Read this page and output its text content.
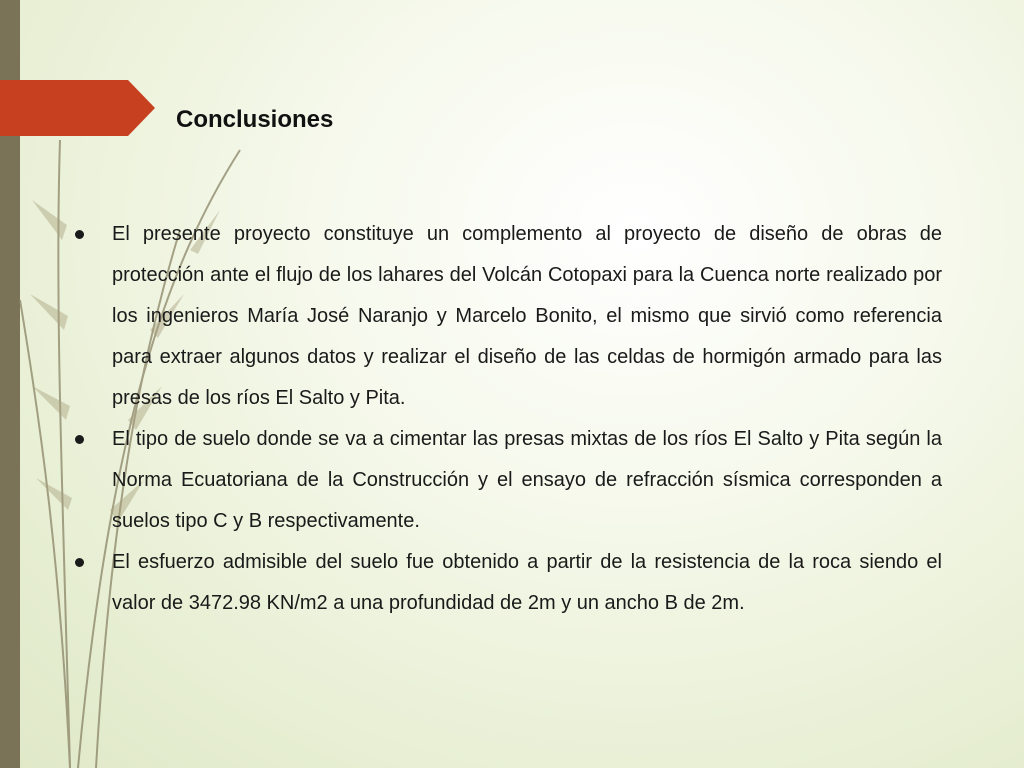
Conclusiones
El presente proyecto constituye un complemento al proyecto de diseño de obras de protección ante el flujo de los lahares del Volcán Cotopaxi para la Cuenca norte realizado por los ingenieros María José Naranjo y Marcelo Bonito, el mismo que sirvió como referencia para extraer algunos datos y realizar el diseño de las celdas de hormigón armado para las presas de los ríos El Salto y Pita.
El tipo de suelo donde se va a cimentar las presas mixtas de los ríos El Salto y Pita según la Norma Ecuatoriana de la Construcción y el ensayo de refracción sísmica corresponden a suelos tipo C y B respectivamente.
El esfuerzo admisible del suelo fue obtenido a partir de la resistencia de la roca siendo el valor de 3472.98 KN/m2 a una profundidad de 2m y un ancho B de 2m.
